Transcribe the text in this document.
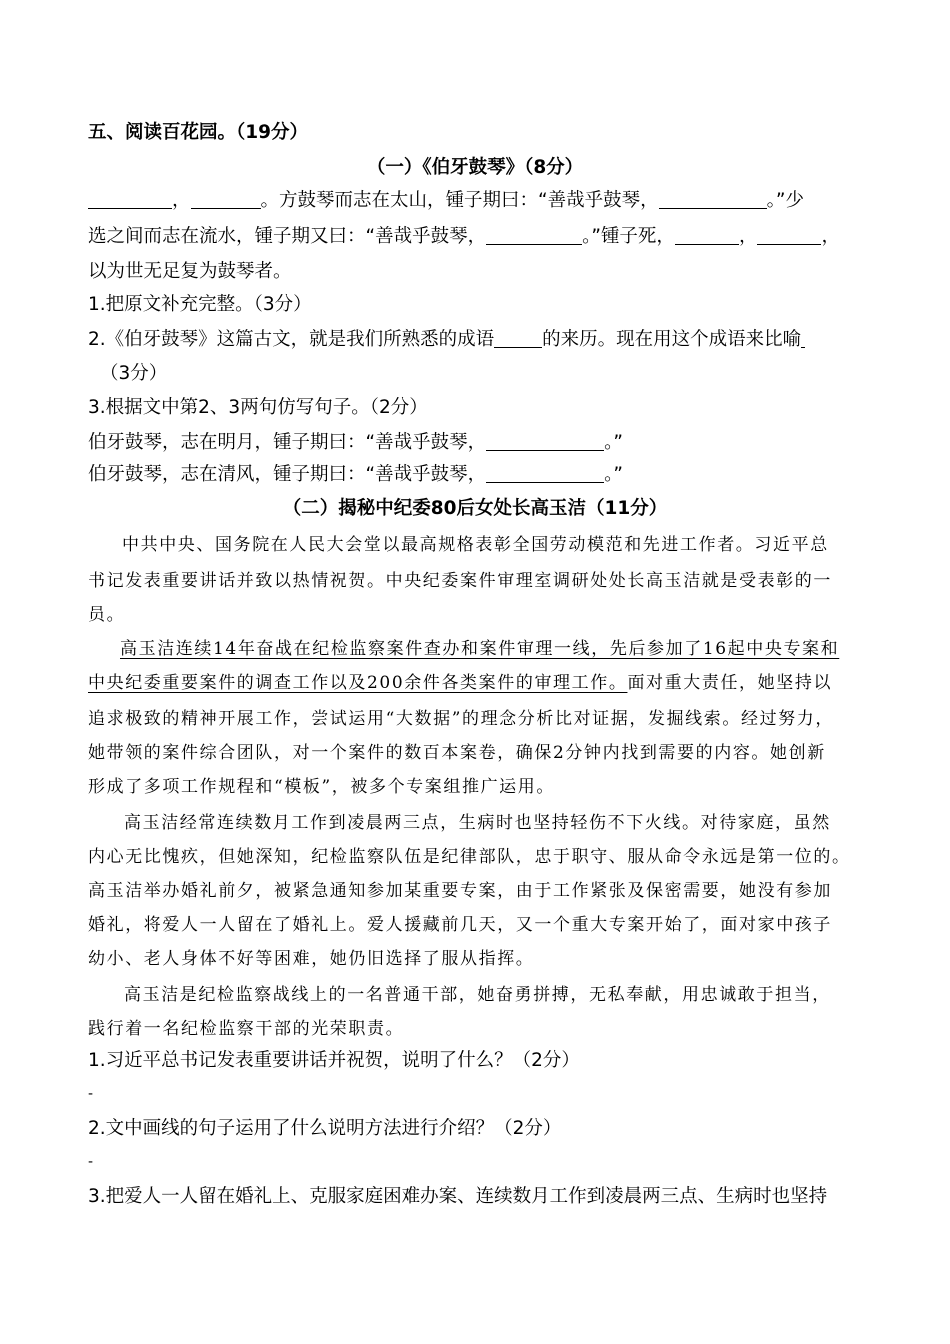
五、阅读百花园。（19分）
（一）《伯牙鼓琴》（8分）
，	。方鼓琴而志在太山，锺子期曰：“善哉乎鼓琴，	。”少
选之间而志在流水，锺子期又曰：“善哉乎鼓琴，	。”锺子死，	，	，
以为世无足复为鼓琴者。
1.把原文补充完整。（3分）
2.《伯牙鼓琴》这篇古文，就是我们所熟悉的成语	的来历。现在用这个成语来比喻
（3分）
3.根据文中第2、3两句仿写句子。（2分）
伯牙鼓琴，志在明月，锺子期曰：“善哉乎鼓琴，	。”
伯牙鼓琴，志在清风，锺子期曰：“善哉乎鼓琴，	。”
（二）揭秘中纪委80后女处长高玉洁（11分）
中共中央、国务院在人民大会堂以最高规格表彰全国劳动模范和先进工作者。习近平总
书记发表重要讲话并致以热情祝贺。中央纪委案件审理室调研处处长高玉洁就是受表彰的一
员。
高玉洁连续14年奋战在纪检监察案件查办和案件审理一线，先后参加了16起中央专案和
中央纪委重要案件的调查工作以及200余件各类案件的审理工作。面对重大责任，她坚持以
追求极致的精神开展工作，尝试运用“大数据”的理念分析比对证据，发掘线索。经过努力，
她带领的案件综合团队，对一个案件的数百本案卷，确保2分钟内找到需要的内容。她创新
形成了多项工作规程和“模板”，被多个专案组推广运用。
高玉洁经常连续数月工作到凌晨两三点，生病时也坚持轻伤不下火线。对待家庭，虽然
内心无比愧疚，但她深知，纪检监察队伍是纪律部队，忠于职守、服从命令永远是第一位的。
高玉洁举办婚礼前夕，被紧急通知参加某重要专案，由于工作紧张及保密需要，她没有参加
婚礼，将爱人一人留在了婚礼上。爱人援藏前几天，又一个重大专案开始了，面对家中孩子
幼小、老人身体不好等困难，她仍旧选择了服从指挥。
高玉洁是纪检监察战线上的一名普通干部，她奋勇拼搏，无私奉献，用忠诚敢于担当，
践行着一名纪检监察干部的光荣职责。
1.习近平总书记发表重要讲话并祝贺，说明了什么？（2分）
-
2.文中画线的句子运用了什么说明方法进行介绍？（2分）
-
3.把爱人一人留在婚礼上、克服家庭困难办案、连续数月工作到凌晨两三点、生病时也坚持
